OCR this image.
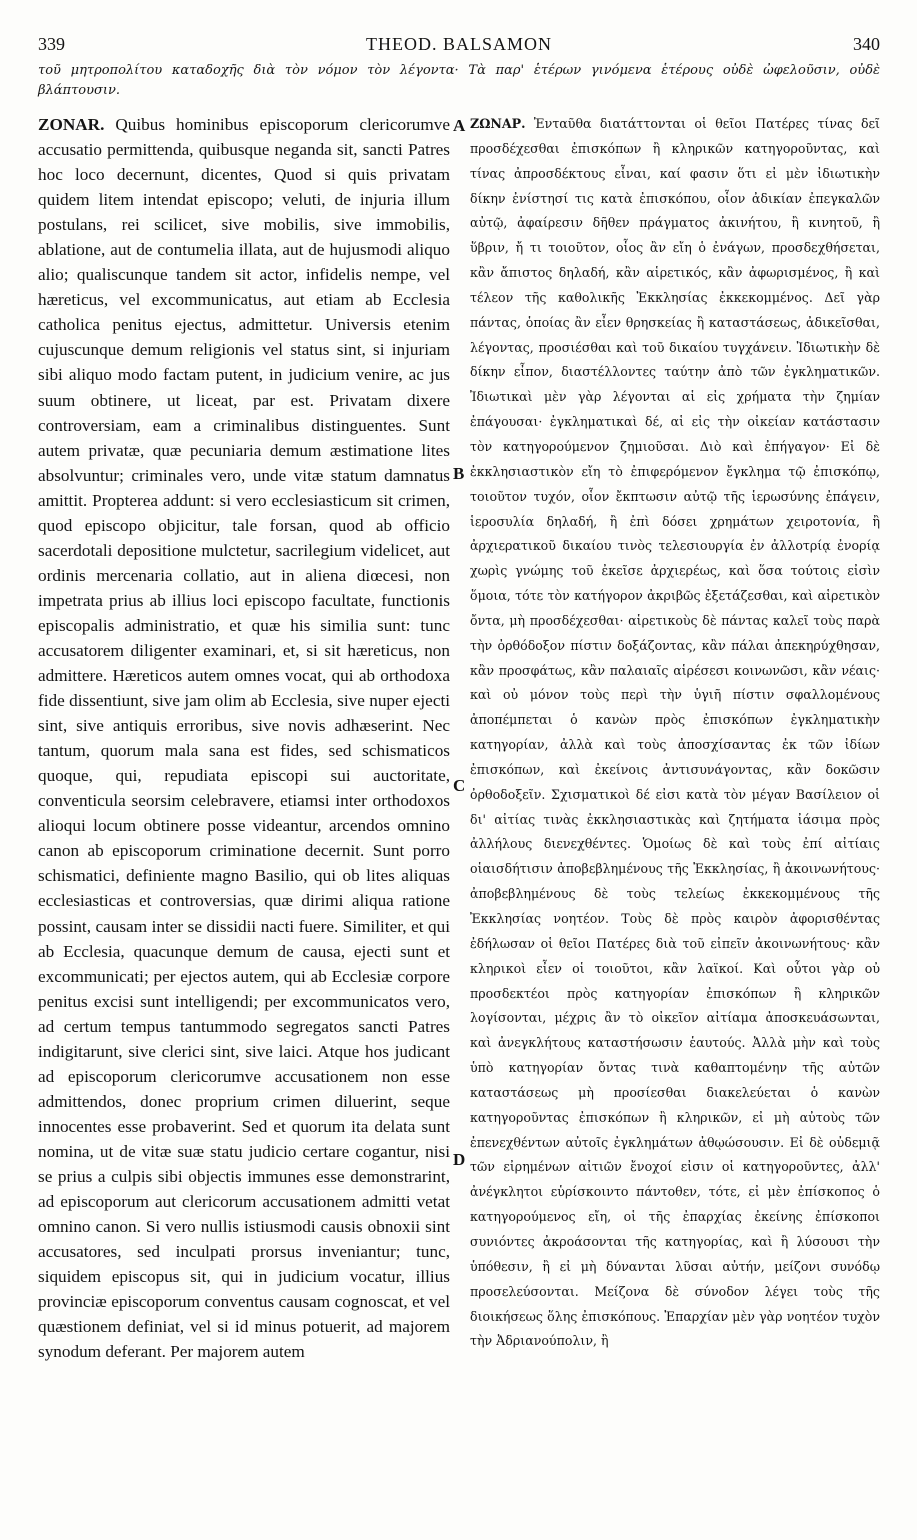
339	THEOD. BALSAMON	340

τοῦ μητροπολίτου καταδοχῆς διὰ τὸν νόμον τὸν λέγοντα· Τὰ παρ' ἑτέρων γινόμενα ἑτέρους οὐδὲ ὠφελοῦσιν, οὐδὲ βλάπτουσιν.

ZONAR. Quibus hominibus episcoporum clericorumve accusatio permittenda, quibusque neganda sit, sancti Patres hoc loco decernunt, dicentes, Quod si quis privatam quidem litem intendat episcopo; veluti, de injuria illum postulans, rei scilicet, sive mobilis, sive immobilis, ablatione, aut de contumelia illata, aut de hujusmodi aliquo alio; qualiscunque tandem sit actor, infidelis nempe, vel hæreticus, vel excommunicatus, aut etiam ab Ecclesia catholica penitus ejectus, admittetur. Universis etenim cujuscunque demum religionis vel status sint, si injuriam sibi aliquo modo factam putent, in judicium venire, ac jus suum obtinere, ut liceat, par est. Privatam dixere controversiam, eam a criminalibus distinguentes. Sunt autem privatæ, quæ pecuniaria demum æstimatione lites absolvuntur; criminales vero, unde vitæ statum damnatus amittit. Propterea addunt: si vero ecclesiasticum sit crimen, quod episcopo objicitur, tale forsan, quod ab officio sacerdotali depositione mulctetur, sacrilegium videlicet, aut ordinis mercenaria collatio, aut in aliena diœcesi, non impetrata prius ab illius loci episcopo facultate, functionis episcopalis administratio, et quæ his similia sunt: tunc accusatorem diligenter examinari, et, si sit hæreticus, non admittere. Hæreticos autem omnes vocat, qui ab orthodoxa fide dissentiunt, sive jam olim ab Ecclesia, sive nuper ejecti sint, sive antiquis erroribus, sive novis adhæserint. Nec tantum, quorum mala sana est fides, sed schismaticos quoque, qui, repudiata episcopi sui auctoritate, conventicula seorsim celebravere, etiamsi inter orthodoxos alioqui locum obtinere posse videantur, arcendos omnino canon ab episcoporum criminatione decernit. Sunt porro schismatici, definiente magno Basilio, qui ob lites aliquas ecclesiasticas et controversias, quæ dirimi aliqua ratione possint, causam inter se dissidii nacti fuere. Similiter, et qui ab Ecclesia, quacunque demum de causa, ejecti sunt et excommunicati; per ejectos autem, qui ab Ecclesiæ corpore penitus excisi sunt intelligendi; per excommunicatos vero, ad certum tempus tantummodo segregatos sancti Patres indigitarunt, sive clerici sint, sive laici. Atque hos judicant ad episcoporum clericorumve accusationem non esse admittendos, donec proprium crimen diluerint, seque innocentes esse probaverint. Sed et quorum ita delata sunt nomina, ut de vitæ suæ statu judicio certare cogantur, nisi se prius a culpis sibi objectis immunes esse demonstrarint, ad episcoporum aut clericorum accusationem admitti vetat omnino canon. Si vero nullis istiusmodi causis obnoxii sint accusatores, sed inculpati prorsus inveniantur; tunc, siquidem episcopus sit, qui in judicium vocatur, illius provinciæ episcoporum conventus causam cognoscat, et vel quæstionem definiat, vel si id minus potuerit, ad majorem synodum deferant. Per majorem autem

ΖΩΝΑΡ. Ἐνταῦθα διατάττονται οἱ θεῖοι Πατέρες τίνας δεῖ προσδέχεσθαι ἐπισκόπων ἢ κληρικῶν κατηγοροῦντας, καὶ τίνας ἀπροσδέκτους εἶναι, καί φασιν ὅτι εἰ μὲν ἰδιωτικὴν δίκην ἐνίστησί τις κατὰ ἐπισκόπου, οἷον ἀδικίαν ἐπεγκαλῶν αὐτῷ, ἀφαίρεσιν δῆθεν πράγματος ἀκινήτου, ἢ κινητοῦ, ἢ ὕβριν, ἤ τι τοιοῦτον, οἷος ἂν εἴη ὁ ἐνάγων, προσδεχθήσεται, κἂν ἄπιστος δηλαδή, κἂν αἱρετικός, κἂν ἀφωρισμένος, ἢ καὶ τέλεον τῆς καθολικῆς Ἐκκλησίας ἐκκεκομμένος. Δεῖ γὰρ πάντας, ὁποίας ἂν εἶεν θρησκείας ἢ καταστάσεως, ἀδικεῖσθαι, λέγοντας, προσιέσθαι καὶ τοῦ δικαίου τυγχάνειν. Ἰδιωτικὴν δὲ δίκην εἶπον, διαστέλλοντες ταύτην ἀπὸ τῶν ἐγκληματικῶν. Ἰδιωτικαὶ μὲν γὰρ λέγονται αἱ εἰς χρήματα τὴν ζημίαν ἐπάγουσαι· ἐγκληματικαὶ δέ, αἱ εἰς τὴν οἰκείαν κατάστασιν τὸν κατηγορούμενον ζημιοῦσαι. Διὸ καὶ ἐπήγαγον· Εἰ δὲ ἐκκλησιαστικὸν εἴη τὸ ἐπιφερόμενον ἔγκλημα τῷ ἐπισκόπῳ, τοιοῦτον τυχόν, οἷον ἔκπτωσιν αὐτῷ τῆς ἱερωσύνης ἐπάγειν, ἱεροσυλία δηλαδή, ἢ ἐπὶ δόσει χρημάτων χειροτονία, ἢ ἀρχιερατικοῦ δικαίου τινὸς τελεσιουργία ἐν ἀλλοτρίᾳ ἐνορίᾳ χωρὶς γνώμης τοῦ ἐκεῖσε ἀρχιερέως, καὶ ὅσα τούτοις εἰσὶν ὅμοια, τότε τὸν κατήγορον ἀκριβῶς ἐξετάζεσθαι, καὶ αἱρετικὸν ὄντα, μὴ προσδέχεσθαι· αἱρετικοὺς δὲ πάντας καλεῖ τοὺς παρὰ τὴν ὀρθόδοξον πίστιν δοξάζοντας, κἂν πάλαι ἀπεκηρύχθησαν, κἂν προσφάτως, κἂν παλαιαῖς αἱρέσεσι κοινωνῶσι, κἂν νέαις· καὶ οὐ μόνον τοὺς περὶ τὴν ὑγιῆ πίστιν σφαλλομένους ἀποπέμπεται ὁ κανὼν πρὸς ἐπισκόπων ἐγκληματικὴν κατηγορίαν, ἀλλὰ καὶ τοὺς ἀποσχίσαντας ἐκ τῶν ἰδίων ἐπισκόπων, καὶ ἐκείνοις ἀντισυνάγοντας, κἂν δοκῶσιν ὀρθοδοξεῖν. Σχισματικοὶ δέ εἰσι κατὰ τὸν μέγαν Βασίλειον οἱ δι' αἰτίας τινὰς ἐκκλησιαστικὰς καὶ ζητήματα ἰάσιμα πρὸς ἀλλήλους διενεχθέντες. Ὁμοίως δὲ καὶ τοὺς ἐπί αἰτίαις οἱαισδήτισιν ἀποβεβλημένους τῆς Ἐκκλησίας, ἢ ἀκοινωνήτους· ἀποβεβλημένους δὲ τοὺς τελείως ἐκκεκομμένους τῆς Ἐκκλησίας νοητέον. Τοὺς δὲ πρὸς καιρὸν ἀφορισθέντας ἐδήλωσαν οἱ θεῖοι Πατέρες διὰ τοῦ εἰπεῖν ἀκοινωνήτους· κἂν κληρικοὶ εἶεν οἱ τοιοῦτοι, κἂν λαϊκοί. Καὶ οὗτοι γὰρ οὐ προσδεκτέοι πρὸς κατηγορίαν ἐπισκόπων ἢ κληρικῶν λογίσονται, μέχρις ἂν τὸ οἰκεῖον αἰτίαμα ἀποσκευάσωνται, καὶ ἀνεγκλήτους καταστήσωσιν ἑαυτούς. Ἀλλὰ μὴν καὶ τοὺς ὑπὸ κατηγορίαν ὄντας τινὰ καθαπτομένην τῆς αὐτῶν καταστάσεως μὴ προσίεσθαι διακελεύεται ὁ κανὼν κατηγοροῦντας ἐπισκόπων ἢ κληρικῶν, εἰ μὴ αὐτοὺς τῶν ἐπενεχθέντων αὐτοῖς ἐγκλημάτων ἀθῳώσουσιν. Εἰ δὲ οὐδεμιᾷ τῶν εἰρημένων αἰτιῶν ἔνοχοί εἰσιν οἱ κατηγοροῦντες, ἀλλ' ἀνέγκλητοι εὑρίσκοιντο πάντοθεν, τότε, εἰ μὲν ἐπίσκοπος ὁ κατηγορούμενος εἴη, οἱ τῆς ἐπαρχίας ἐκείνης ἐπίσκοποι συνιόντες ἀκροάσονται τῆς κατηγορίας, καὶ ἢ λύσουσι τὴν ὑπόθεσιν, ἢ εἰ μὴ δύνανται λῦσαι αὐτήν, μείζονι συνόδῳ προσελεύσονται. Μείζονα δὲ σύνοδον λέγει τοὺς τῆς διοικήσεως ὅλης ἐπισκόπους. Ἐπαρχίαν μὲν γὰρ νοητέον τυχὸν τὴν Ἀδριανούπολιν, ἢ

A
B
C
D
